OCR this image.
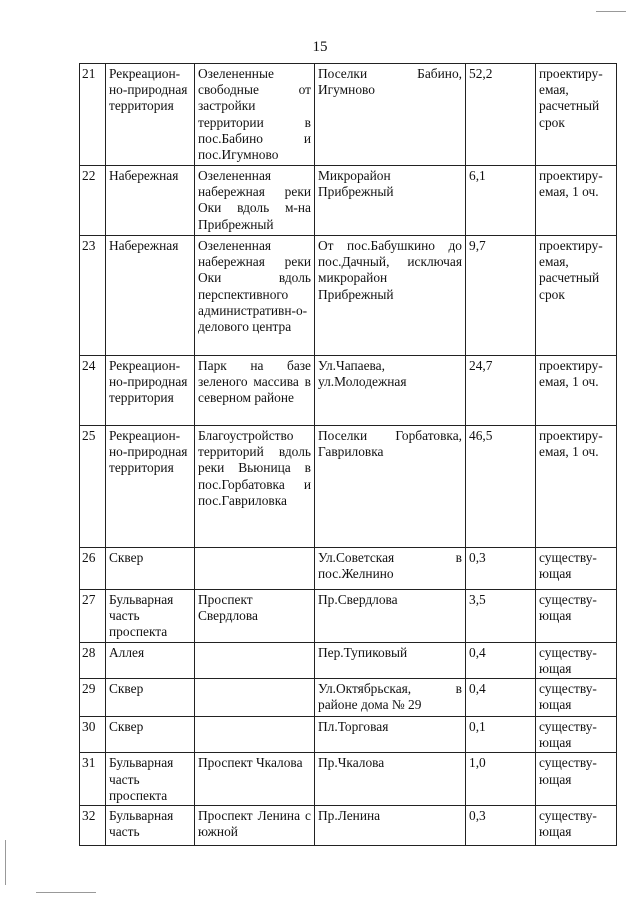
15
21	Рекреацион-но-природная территория	Озелененные свободные от застройки территории в пос.Бабино и пос.Игумново	Поселки Бабино, Игумново	52,2	проектиру-емая, расчетный срок
22	Набережная	Озелененная набережная реки Оки вдоль м-на Прибрежный	Микрорайон Прибрежный	6,1	проектиру-емая, 1 оч.
23	Набережная	Озелененная набережная реки Оки вдоль перспективного административн-о-делового центра	От пос.Бабушкино до пос.Дачный, исключая микрорайон Прибрежный	9,7	проектиру-емая, расчетный срок
24	Рекреацион-но-природная территория	Парк на базе зеленого массива в северном районе	Ул.Чапаева, ул.Молодежная	24,7	проектиру-емая, 1 оч.
25	Рекреацион-но-природная территория	Благоустройство территорий вдоль реки Вьюница в пос.Горбатовка и пос.Гавриловка	Поселки Горбатовка, Гавриловка	46,5	проектиру-емая, 1 оч.
26	Сквер		Ул.Советская в пос.Желнино	0,3	существу-ющая
27	Бульварная часть проспекта	Проспект Свердлова	Пр.Свердлова	3,5	существу-ющая
28	Аллея		Пер.Тупиковый	0,4	существу-ющая
29	Сквер		Ул.Октябрьская, в районе дома № 29	0,4	существу-ющая
30	Сквер		Пл.Торговая	0,1	существу-ющая
31	Бульварная часть проспекта	Проспект Чкалова	Пр.Чкалова	1,0	существу-ющая
32	Бульварная часть	Проспект Ленина с южной	Пр.Ленина	0,3	существу-ющая
